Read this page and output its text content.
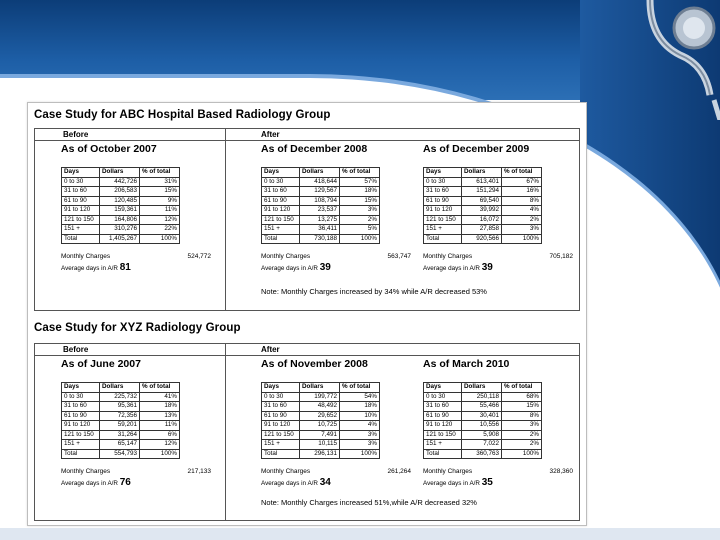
Case Study for ABC Hospital Based Radiology Group
Before	After
As of October 2007
Days	Dollars	% of total
0 to 30	442,726	31%
31 to 60	206,583	15%
61 to 90	120,485	9%
91 to 120	159,361	11%
121 to 150	164,806	12%
151 +	310,276	22%
Total	1,405,267	100%
Monthly Charges	524,772
Average days in A/R 81
As of December 2008
Days	Dollars	% of total
0 to 30	418,644	57%
31 to 60	129,567	18%
61 to 90	108,794	15%
91 to 120	23,537	3%
121 to 150	13,275	2%
151 +	36,411	5%
Total	730,188	100%
Monthly Charges	563,747
Average days in A/R 39
As of December 2009
Days	Dollars	% of total
0 to 30	613,401	67%
31 to 60	151,294	16%
61 to 90	69,540	8%
91 to 120	39,992	4%
121 to 150	16,072	2%
151 +	27,858	3%
Total	920,566	100%
Monthly Charges	705,182
Average days in A/R 39
Note: Monthly Charges increased by 34% while A/R decreased 53%
Case Study for XYZ Radiology Group
Before	After
As of June 2007
Days	Dollars	% of total
0 to 30	225,732	41%
31 to 60	95,361	18%
61 to 90	72,356	13%
91 to 120	59,201	11%
121 to 150	31,264	6%
151 +	65,147	12%
Total	554,793	100%
Monthly Charges	217,133
Average days in A/R 76
As of November 2008
Days	Dollars	% of total
0 to 30	199,772	54%
31 to 60	48,492	18%
61 to 90	29,652	10%
91 to 120	10,725	4%
121 to 150	7,491	3%
151 +	10,115	3%
Total	296,131	100%
Monthly Charges	261,264
Average days in A/R 34
As of March 2010
Days	Dollars	% of total
0 to 30	250,118	68%
31 to 60	55,466	15%
61 to 90	30,401	8%
91 to 120	10,556	3%
121 to 150	5,908	2%
151 +	7,022	2%
Total	360,763	100%
Monthly Charges	328,360
Average days in A/R 35
Note: Monthly Charges increased 51%,while A/R decreased 32%
